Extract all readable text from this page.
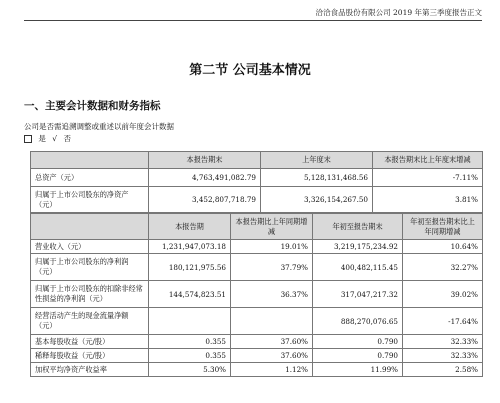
洽洽食品股份有限公司 2019 年第三季度报告正文
第二节 公司基本情况
一、主要会计数据和财务指标
公司是否需追溯调整或重述以前年度会计数据
是 √ 否
	本报告期末	上年度末	本报告期末比上年度末增减
总资产（元）	4,763,491,082.79	5,128,131,468.56	-7.11%
归属于上市公司股东的净资产（元）	3,452,807,718.79	3,326,154,267.50	3.81%
	本报告期	本报告期比上年同期增减	年初至报告期末	年初至报告期末比上年同期增减
营业收入（元）	1,231,947,073.18	19.01%	3,219,175,234.92	10.64%
归属于上市公司股东的净利润（元）	180,121,975.56	37.79%	400,482,115.45	32.27%
归属于上市公司股东的扣除非经常性损益的净利润（元）	144,574,823.51	36.37%	317,047,217.32	39.02%
经营活动产生的现金流量净额（元）			888,270,076.65	-17.64%
基本每股收益（元/股）	0.355	37.60%	0.790	32.33%
稀释每股收益（元/股）	0.355	37.60%	0.790	32.33%
加权平均净资产收益率	5.30%	1.12%	11.99%	2.58%
